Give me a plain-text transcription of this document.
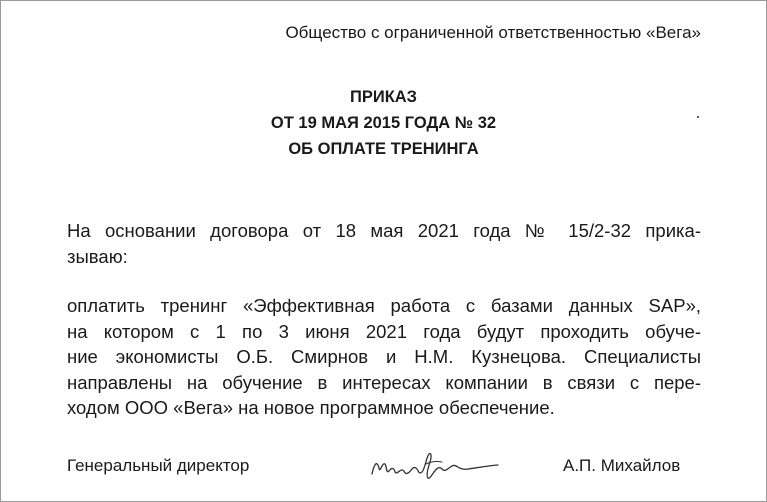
Общество с ограниченной ответственностью «Вега»
ПРИКАЗ
ОТ 19 МАЯ 2015 ГОДА № 32
ОБ ОПЛАТЕ ТРЕНИНГА
На основании договора от 18 мая 2021 года № 15/2-32 прика-
зываю:
оплатить тренинг «Эффективная работа с базами данных SAP»,
на котором с 1 по 3 июня 2021 года будут проходить обуче-
ние экономисты О.Б. Смирнов и Н.М. Кузнецова. Специалисты
направлены на обучение в интересах компании в связи с пере-
ходом ООО «Вега» на новое программное обеспечение.
Генеральный директор	А.П. Михайлов
